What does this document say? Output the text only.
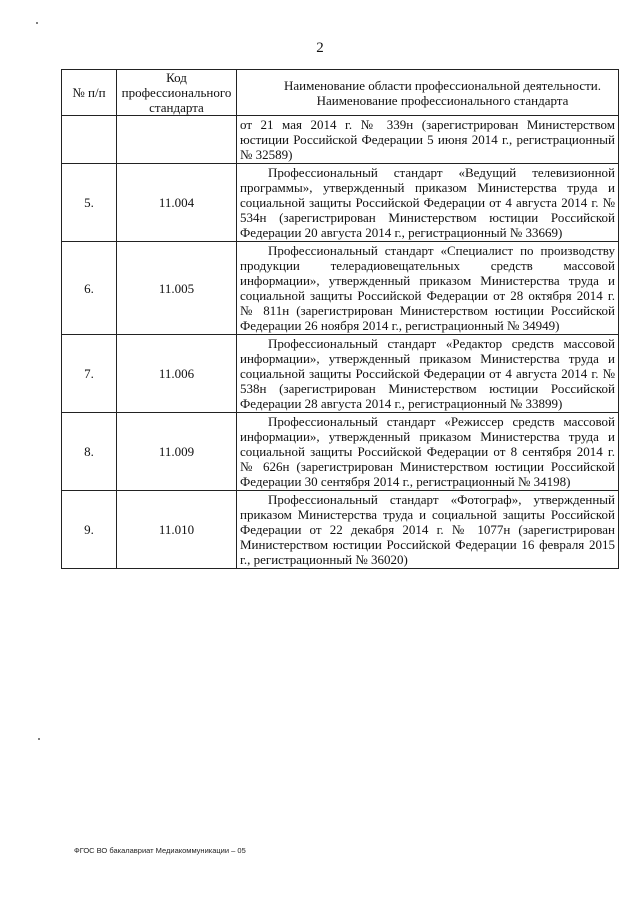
2
№ п/п	Код профессионального стандарта	Наименование области профессиональной деятельности. Наименование профессионального стандарта

		от 21 мая 2014 г. № 339н (зарегистрирован Министерством юстиции Российской Федерации 5 июня 2014 г., регистрационный № 32589)

5.	11.004	Профессиональный стандарт «Ведущий телевизионной программы», утвержденный приказом Министерства труда и социальной защиты Российской Федерации от 4 августа 2014 г. № 534н (зарегистрирован Министерством юстиции Российской Федерации 20 августа 2014 г., регистрационный № 33669)

6.	11.005	Профессиональный стандарт «Специалист по производству продукции телерадиовещательных средств массовой информации», утвержденный приказом Министерства труда и социальной защиты Российской Федерации от 28 октября 2014 г. № 811н (зарегистрирован Министерством юстиции Российской Федерации 26 ноября 2014 г., регистрационный № 34949)

7.	11.006	Профессиональный стандарт «Редактор средств массовой информации», утвержденный приказом Министерства труда и социальной защиты Российской Федерации от 4 августа 2014 г. № 538н (зарегистрирован Министерством юстиции Российской Федерации 28 августа 2014 г., регистрационный № 33899)

8.	11.009	Профессиональный стандарт «Режиссер средств массовой информации», утвержденный приказом Министерства труда и социальной защиты Российской Федерации от 8 сентября 2014 г. № 626н (зарегистрирован Министерством юстиции Российской Федерации 30 сентября 2014 г., регистрационный № 34198)

9.	11.010	Профессиональный стандарт «Фотограф», утвержденный приказом Министерства труда и социальной защиты Российской Федерации от 22 декабря 2014 г. № 1077н (зарегистрирован Министерством юстиции Российской Федерации 16 февраля 2015 г., регистрационный № 36020)
ФГОС ВО бакалавриат Медиакоммуникации – 05
